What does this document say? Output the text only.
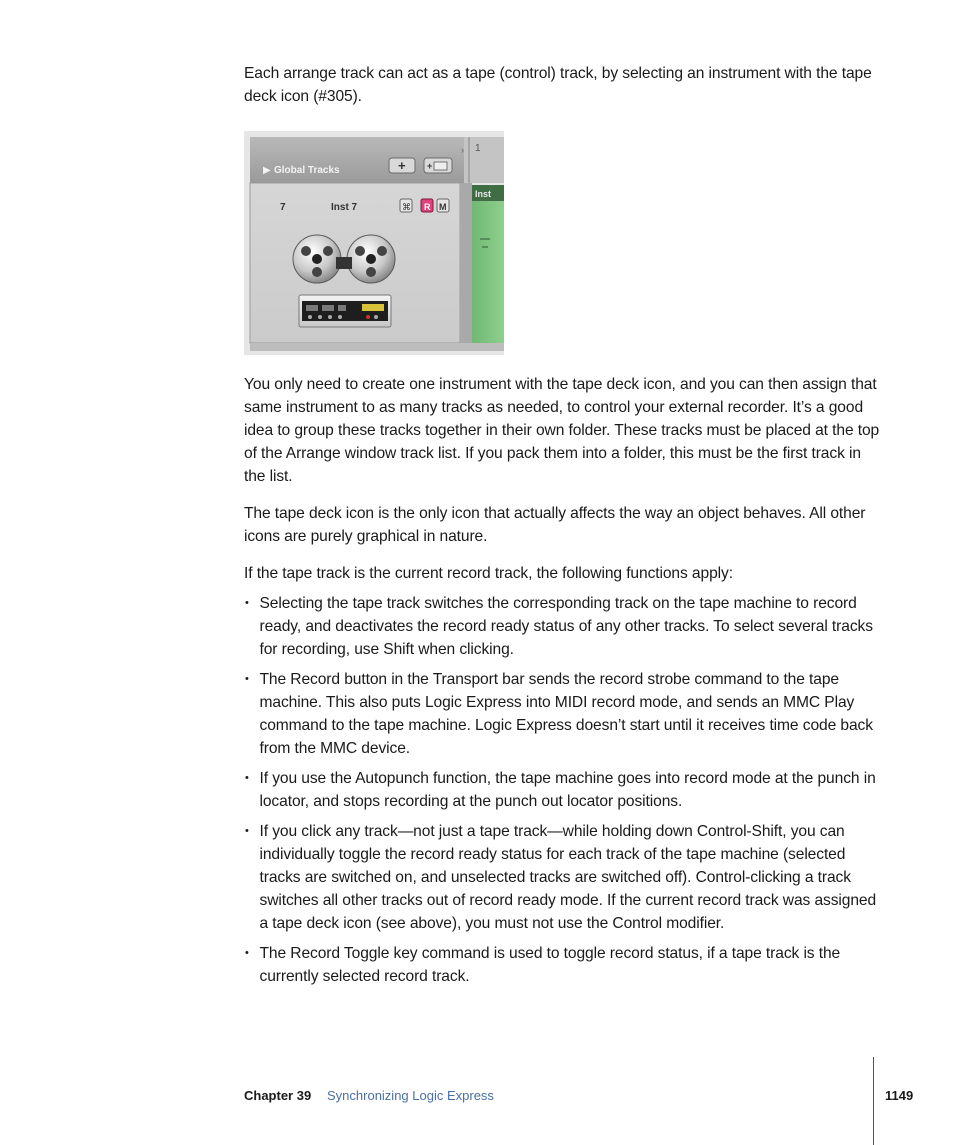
Each arrange track can act as a tape (control) track, by selecting an instrument with the tape deck icon (#305).

▶ Global Tracks	+ +
› 1
7	Inst 7	⌘ R M
Inst

You only need to create one instrument with the tape deck icon, and you can then assign that same instrument to as many tracks as needed, to control your external recorder. It’s a good idea to group these tracks together in their own folder. These tracks must be placed at the top of the Arrange window track list. If you pack them into a folder, this must be the first track in the list.

The tape deck icon is the only icon that actually affects the way an object behaves. All other icons are purely graphical in nature.

If the tape track is the current record track, the following functions apply:

• Selecting the tape track switches the corresponding track on the tape machine to record ready, and deactivates the record ready status of any other tracks. To select several tracks for recording, use Shift when clicking.
• The Record button in the Transport bar sends the record strobe command to the tape machine. This also puts Logic Express into MIDI record mode, and sends an MMC Play command to the tape machine. Logic Express doesn’t start until it receives time code back from the MMC device.
• If you use the Autopunch function, the tape machine goes into record mode at the punch in locator, and stops recording at the punch out locator positions.
• If you click any track—not just a tape track—while holding down Control-Shift, you can individually toggle the record ready status for each track of the tape machine (selected tracks are switched on, and unselected tracks are switched off). Control-clicking a track switches all other tracks out of record ready mode. If the current record track was assigned a tape deck icon (see above), you must not use the Control modifier.
• The Record Toggle key command is used to toggle record status, if a tape track is the currently selected record track.
Chapter 39 Synchronizing Logic Express	1149
